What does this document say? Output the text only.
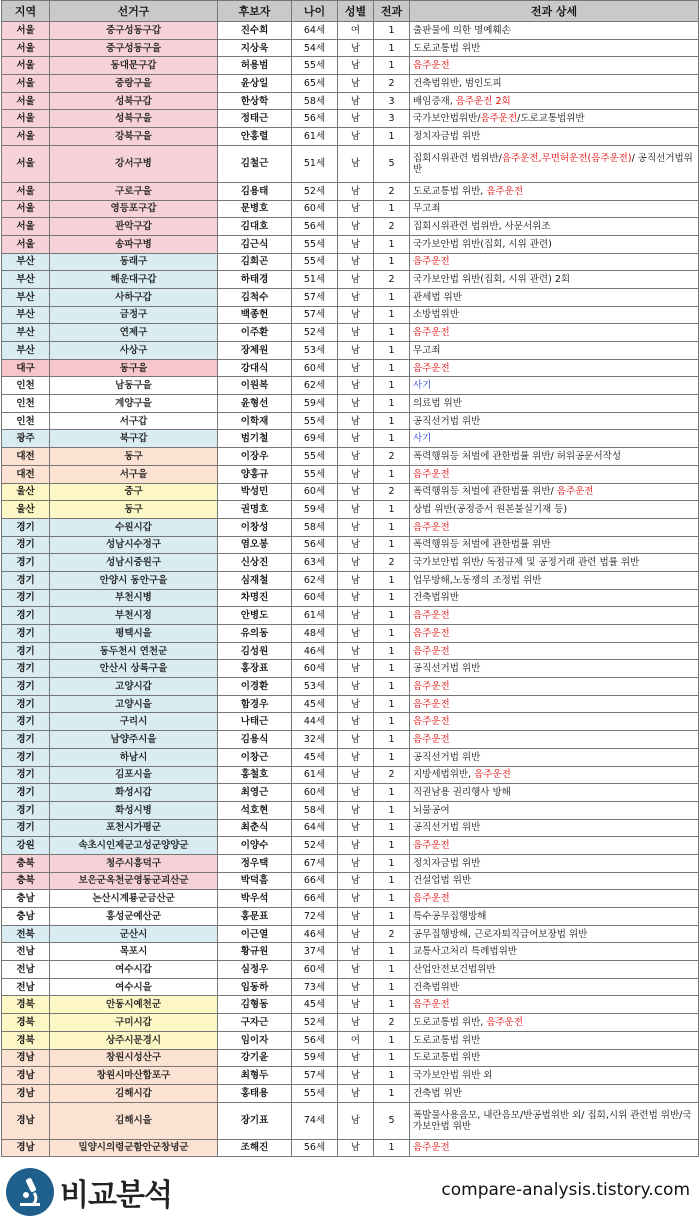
지역	선거구	후보자	나이	성별	전과	전과 상세
서울	중구성동구갑	진수희	64세	여	1	출판물에 의한 명예훼손
서울	중구성동구을	지상욱	54세	남	1	도로교통법 위반
서울	동대문구갑	허용범	55세	남	1	음주운전
서울	중랑구을	윤상일	65세	남	2	건축법위반, 범인도피
서울	성북구갑	한상학	58세	남	3	배임증재, 음주운전 2회
서울	성북구을	정태근	56세	남	3	국가보안법위반/음주운전/도로교통법위반
서울	강북구을	안홍렬	61세	남	1	정치자금법 위반
서울	강서구병	김철근	51세	남	5	집회시위관련 법위반/음주운전,무면허운전(음주운전)/ 공직선거법위반
서울	구로구을	김용태	52세	남	2	도로교통법 위반, 음주운전
서울	영등포구갑	문병호	60세	남	1	무고죄
서울	관악구갑	김대호	56세	남	2	집회시위관련 법위반, 사문서위조
서울	송파구병	김근식	55세	남	1	국가보안법 위반(집회, 시위 관련)
부산	동래구	김희곤	55세	남	1	음주운전
부산	해운대구갑	하태경	51세	남	2	국가보안법 위반(집회, 시위 관련) 2회
부산	사하구갑	김척수	57세	남	1	관세법 위반
부산	금정구	백종헌	57세	남	1	소방법위반
부산	연제구	이주환	52세	남	1	음주운전
부산	사상구	장제원	53세	남	1	무고죄
대구	동구을	강대식	60세	남	1	음주운전
인천	남동구을	이원복	62세	남	1	사기
인천	계양구을	윤형선	59세	남	1	의료법 위반
인천	서구갑	이학재	55세	남	1	공직선거법 위반
광주	북구갑	범기철	69세	남	1	사기
대전	동구	이장우	55세	남	2	폭력행위등 처벌에 관한법률 위반/ 허위공문서작성
대전	서구을	양홍규	55세	남	1	음주운전
울산	중구	박성민	60세	남	2	폭력행위등 처벌에 관한법률 위반/ 음주운전
울산	동구	권명호	59세	남	1	상법 위반(공정증서 원본불실기재 등)
경기	수원시갑	이창성	58세	남	1	음주운전
경기	성남시수정구	염오봉	56세	남	1	폭력행위등 처벌에 관한법률 위반
경기	성남시중원구	신상진	63세	남	2	국가보안법 위반/ 독점규제 및 공정거래 관련 법률 위반
경기	안양시 동안구을	심재철	62세	남	1	업무방해,노동쟁의 조정법 위반
경기	부천시병	차명진	60세	남	1	건축법위반
경기	부천시정	안병도	61세	남	1	음주운전
경기	평택시을	유의동	48세	남	1	음주운전
경기	동두천시 연천군	김성원	46세	남	1	음주운전
경기	안산시 상록구을	홍장표	60세	남	1	공직선거법 위반
경기	고양시갑	이경환	53세	남	1	음주운전
경기	고양시을	함경우	45세	남	1	음주운전
경기	구리시	나태근	44세	남	1	음주운전
경기	남양주시을	김용식	32세	남	1	음주운전
경기	하남시	이창근	45세	남	1	공직선거법 위반
경기	김포시을	홍철호	61세	남	2	지방세법위반, 음주운전
경기	화성시갑	최영근	60세	남	1	직권남용 권리행사 방해
경기	화성시병	석호현	58세	남	1	뇌물공여
경기	포천시가평군	최춘식	64세	남	1	공직선거법 위반
강원	속초시인제군고성군양양군	이양수	52세	남	1	음주운전
충북	청주시흥덕구	정우택	67세	남	1	정치자금법 위반
충북	보은군옥천군영동군괴산군	박덕흠	66세	남	1	건설업법 위반
충남	논산시계룡군금산군	박우석	66세	남	1	음주운전
충남	홍성군예산군	홍문표	72세	남	1	특수공무집행방해
전북	군산시	이근열	46세	남	2	공무집행방해, 근로자퇴직급여보장법 위반
전남	목포시	황규원	37세	남	1	교통사고처리 특례법위반
전남	여수시갑	심정우	60세	남	1	산업안전보건법위반
전남	여수시을	임동하	73세	남	1	건축법위반
경북	안동시예천군	김형동	45세	남	1	음주운전
경북	구미시갑	구자근	52세	남	2	도로교통법 위반, 음주운전
경북	상주시문경시	임이자	56세	여	1	도로교통법 위반
경남	창원시성산구	강기윤	59세	남	1	도로교통법 위반
경남	창원시마산합포구	최형두	57세	남	1	국가보안법 위반 외
경남	김해시갑	홍태용	55세	남	1	건축법 위반
경남	김해시을	장기표	74세	남	5	폭발물사용음모, 내란음모/반공법위반 외/ 집회,시위 관련법 위반/국가보안법 위반
경남	밀양시의령군함안군창녕군	조해진	56세	남	1	음주운전
비교분석	compare-analysis.tistory.com
